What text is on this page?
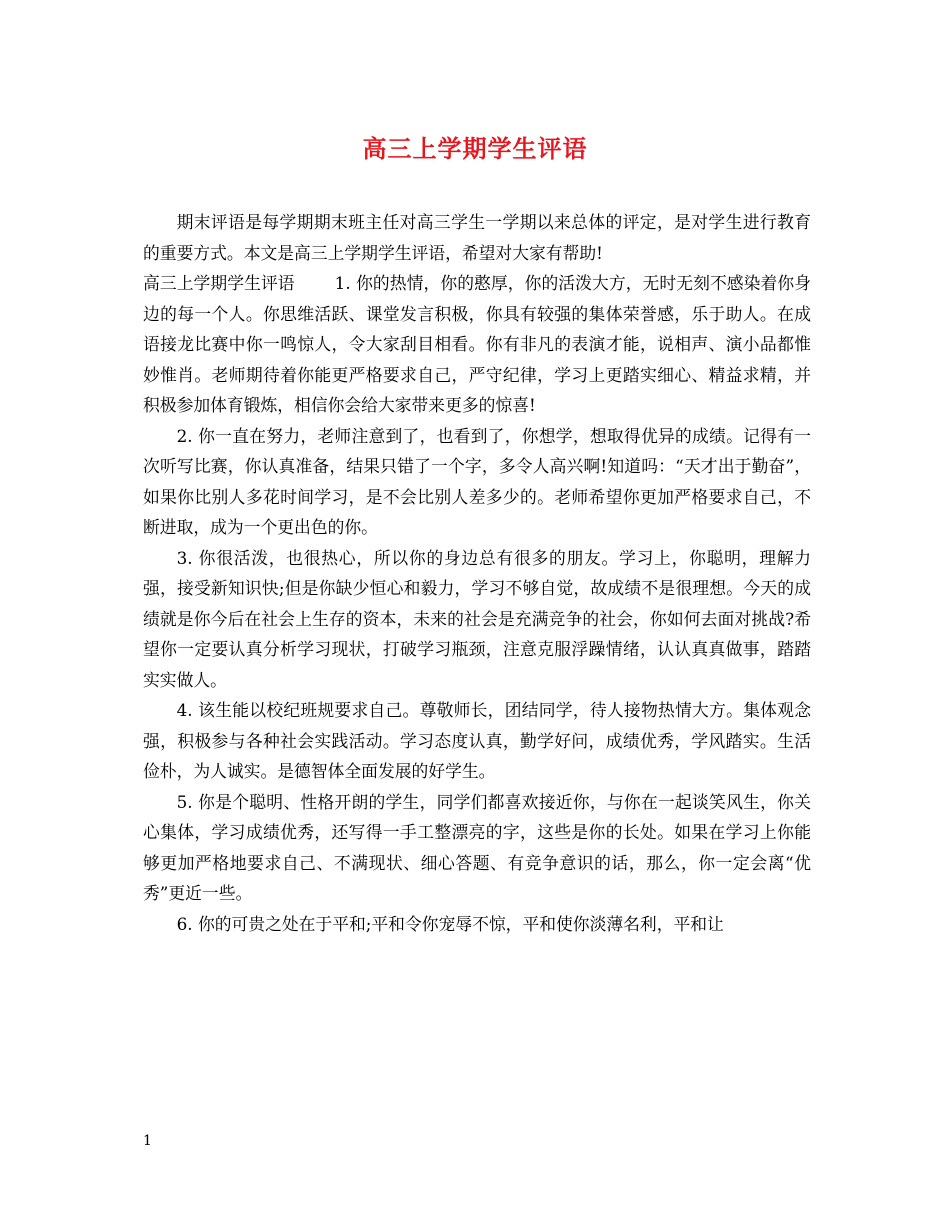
高三上学期学生评语

期末评语是每学期期末班主任对高三学生一学期以来总体的评定，是对学生进行教育的重要方式。本文是高三上学期学生评语，希望对大家有帮助!

高三上学期学生评语 1. 你的热情，你的憨厚，你的活泼大方，无时无刻不感染着你身边的每一个人。你思维活跃、课堂发言积极，你具有较强的集体荣誉感，乐于助人。在成语接龙比赛中你一鸣惊人，令大家刮目相看。你有非凡的表演才能，说相声、演小品都惟妙惟肖。老师期待着你能更严格要求自己，严守纪律，学习上更踏实细心、精益求精，并积极参加体育锻炼，相信你会给大家带来更多的惊喜!

2. 你一直在努力，老师注意到了，也看到了，你想学，想取得优异的成绩。记得有一次听写比赛，你认真准备，结果只错了一个字，多令人高兴啊!知道吗：“天才出于勤奋”，如果你比别人多花时间学习，是不会比别人差多少的。老师希望你更加严格要求自己，不断进取，成为一个更出色的你。

3. 你很活泼，也很热心，所以你的身边总有很多的朋友。学习上，你聪明，理解力强，接受新知识快;但是你缺少恒心和毅力，学习不够自觉，故成绩不是很理想。今天的成绩就是你今后在社会上生存的资本，未来的社会是充满竞争的社会，你如何去面对挑战?希望你一定要认真分析学习现状，打破学习瓶颈，注意克服浮躁情绪，认认真真做事，踏踏实实做人。

4. 该生能以校纪班规要求自己。尊敬师长，团结同学，待人接物热情大方。集体观念强，积极参与各种社会实践活动。学习态度认真，勤学好问，成绩优秀，学风踏实。生活俭朴，为人诚实。是德智体全面发展的好学生。

5. 你是个聪明、性格开朗的学生，同学们都喜欢接近你，与你在一起谈笑风生，你关心集体，学习成绩优秀，还写得一手工整漂亮的字，这些是你的长处。如果在学习上你能够更加严格地要求自己、不满现状、细心答题、有竞争意识的话，那么，你一定会离“优秀”更近一些。

6. 你的可贵之处在于平和;平和令你宠辱不惊，平和使你淡薄名利，平和让

1
